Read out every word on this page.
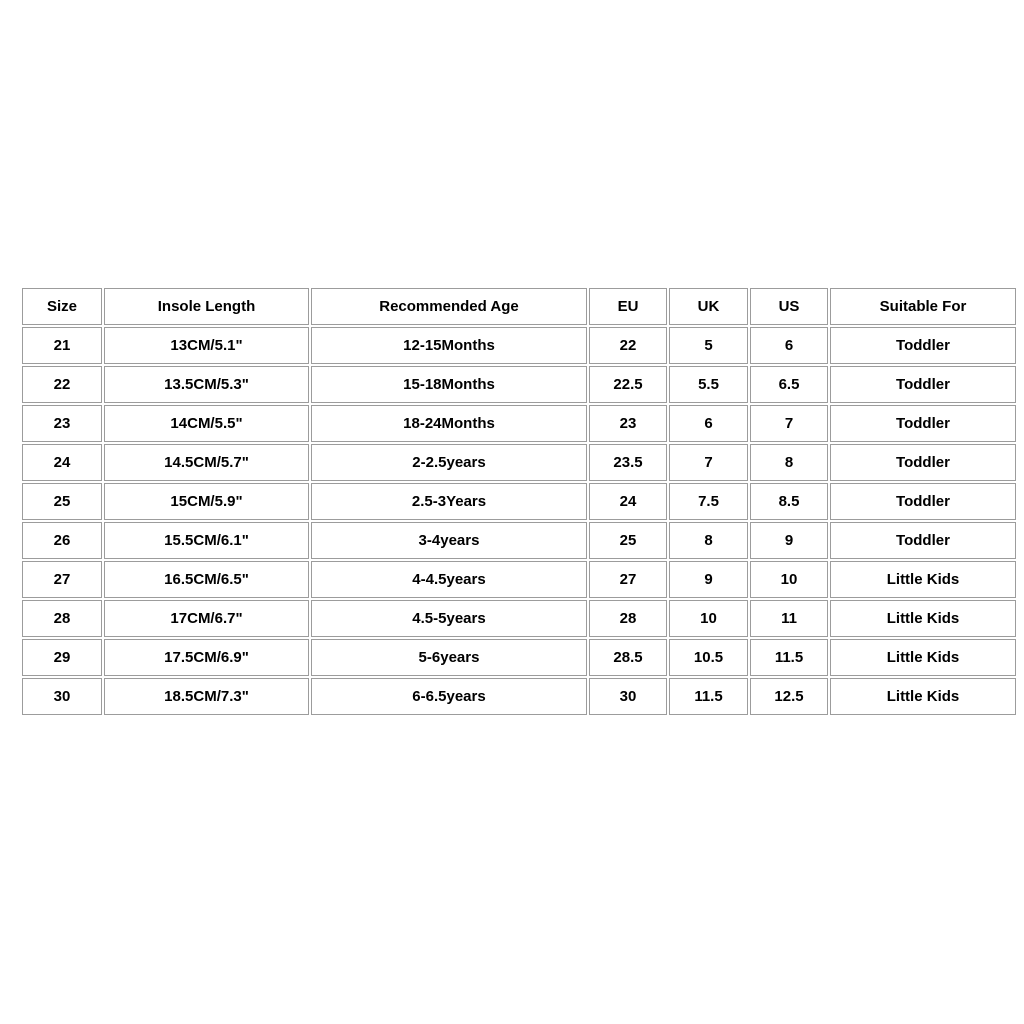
Size	Insole Length	Recommended Age	EU	UK	US	Suitable For
21	13CM/5.1"	12-15Months	22	5	6	Toddler
22	13.5CM/5.3"	15-18Months	22.5	5.5	6.5	Toddler
23	14CM/5.5"	18-24Months	23	6	7	Toddler
24	14.5CM/5.7"	2-2.5years	23.5	7	8	Toddler
25	15CM/5.9"	2.5-3Years	24	7.5	8.5	Toddler
26	15.5CM/6.1"	3-4years	25	8	9	Toddler
27	16.5CM/6.5"	4-4.5years	27	9	10	Little Kids
28	17CM/6.7"	4.5-5years	28	10	11	Little Kids
29	17.5CM/6.9"	5-6years	28.5	10.5	11.5	Little Kids
30	18.5CM/7.3"	6-6.5years	30	11.5	12.5	Little Kids
